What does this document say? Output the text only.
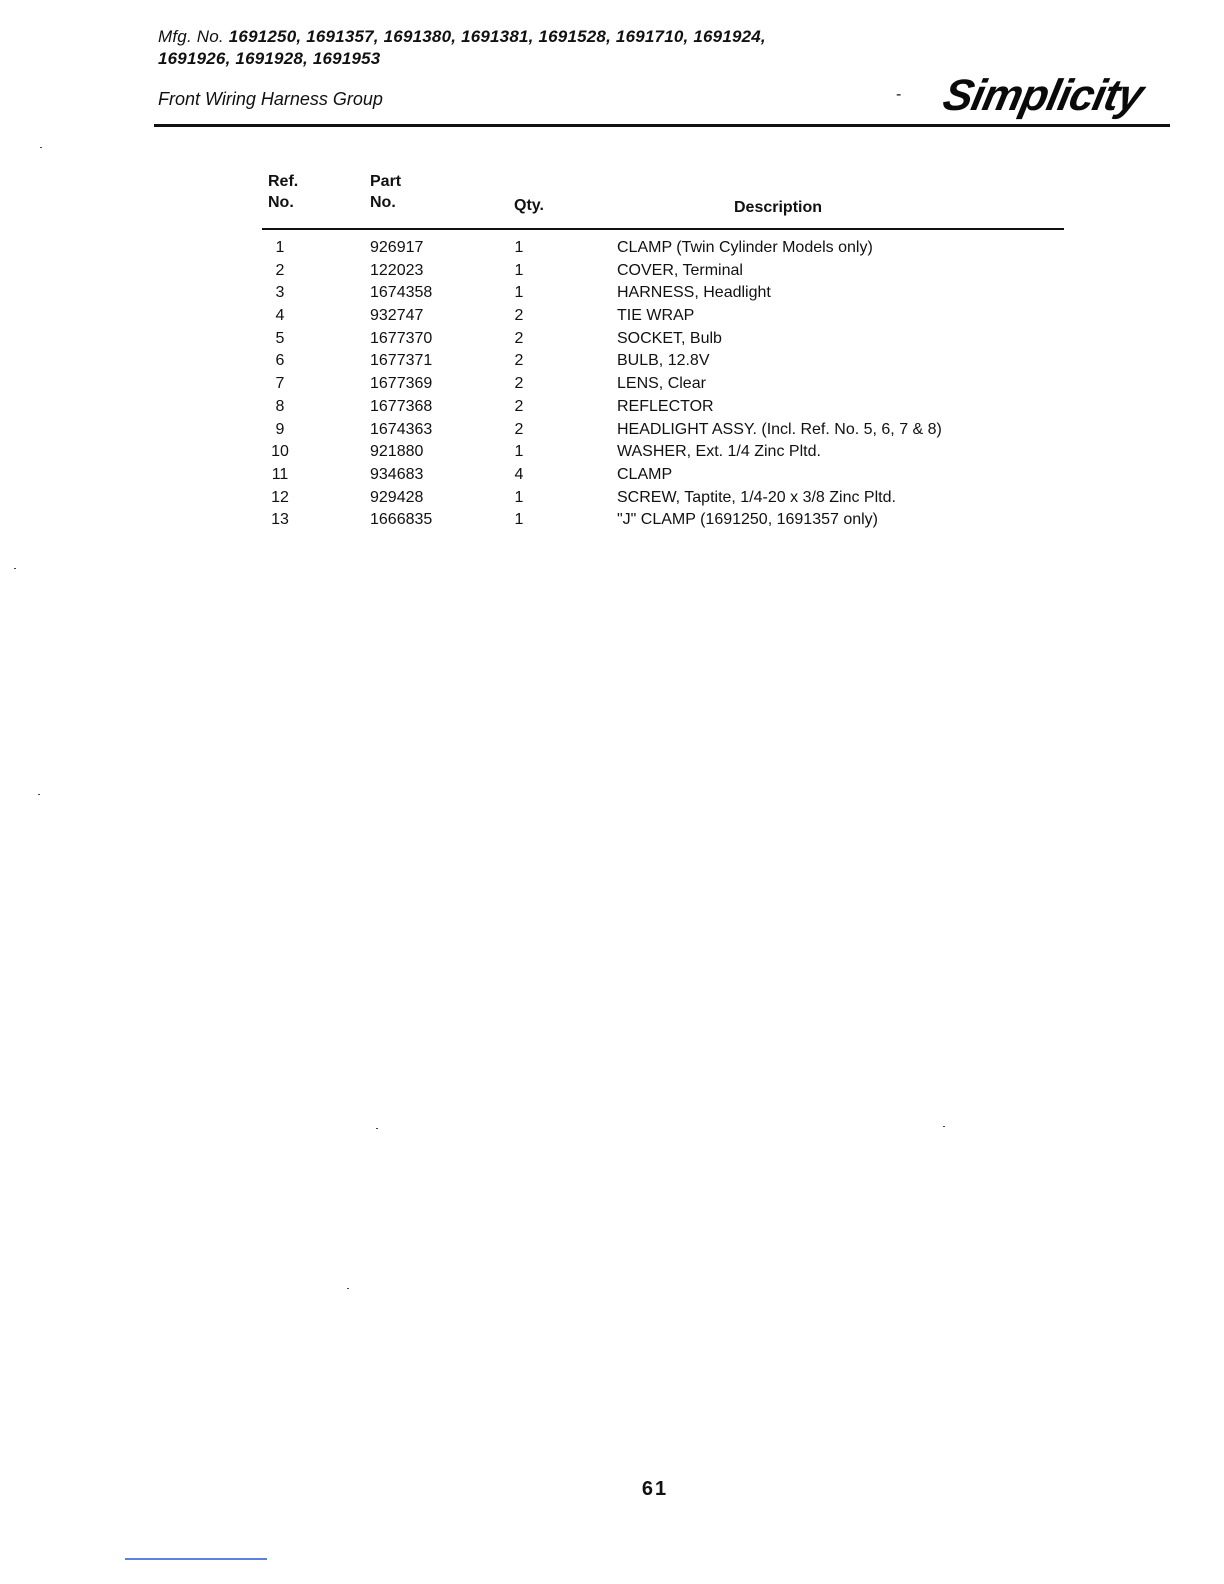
Mfg. No. 1691250, 1691357, 1691380, 1691381, 1691528, 1691710, 1691924,
1691926, 1691928, 1691953
Front Wiring Harness Group	- Simplicity
Ref.
No.
Part
No.	Qty.	Description
1	926917	1	CLAMP (Twin Cylinder Models only)
2	122023	1	COVER, Terminal
3	1674358	1	HARNESS, Headlight
4	932747	2	TIE WRAP
5	1677370	2	SOCKET, Bulb
6	1677371	2	BULB, 12.8V
7	1677369	2	LENS, Clear
8	1677368	2	REFLECTOR
9	1674363	2	HEADLIGHT ASSY. (Incl. Ref. No. 5, 6, 7 & 8)
10	921880	1	WASHER, Ext. 1/4 Zinc Pltd.
11	934683	4	CLAMP
12	929428	1	SCREW, Taptite, 1/4-20 x 3/8 Zinc Pltd.
13	1666835	1	"J" CLAMP (1691250, 1691357 only)
61
